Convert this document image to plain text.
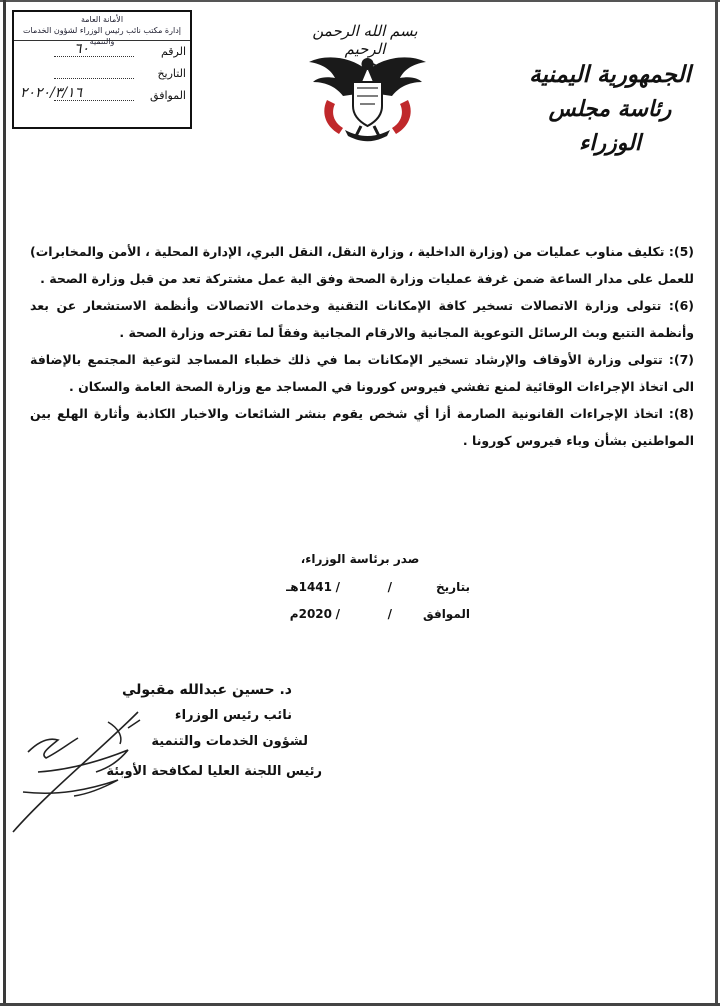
الأمانة العامة
إدارة مكتب نائب رئيس الوزراء لشؤون الخدمات والتنمية
الرقم
٦٠
التاريخ
الموافق
٢٠٢٠/٣/١٦
بسم الله الرحمن الرحيم
الجمهورية اليمنية
رئاسة مجلس الوزراء

(5): تكليف مناوب عمليات من (وزارة الداخلية ، وزارة النقل، النقل البري، الإدارة المحلية ، الأمن والمخابرات) للعمل على مدار الساعة ضمن غرفة عمليات وزارة الصحة وفق الية عمل مشتركة تعد من قبل وزارة الصحة .

(6): تتولى وزارة الاتصالات تسخير كافة الإمكانات التقنية وخدمات الاتصالات وأنظمة الاستشعار عن بعد وأنظمة التتبع وبث الرسائل التوعوية المجانية والارقام المجانية وفقاً لما تقترحه وزارة الصحة .

(7): تتولى وزارة الأوقاف والإرشاد تسخير الإمكانات بما في ذلك خطباء المساجد لتوعية المجتمع بالإضافة الى اتخاذ الإجراءات الوقائية لمنع تفشي فيروس كورونا في المساجد مع وزارة الصحة العامة والسكان .

(8): اتخاذ الإجراءات القانونية الصارمة أزا أي شخص يقوم بنشر الشائعات والاخبار الكاذبة وأثارة الهلع بين المواطنين بشأن وباء فيروس كورونا .

صدر برئاسة الوزراء،
بتاريخ
/
/
1441هـ
الموافق
/
/
2020م
د. حسين عبدالله مقبولي
نائب رئيس الوزراء
لشؤون الخدمات والتنمية
رئيس اللجنة العليا لمكافحة الأوبئة
